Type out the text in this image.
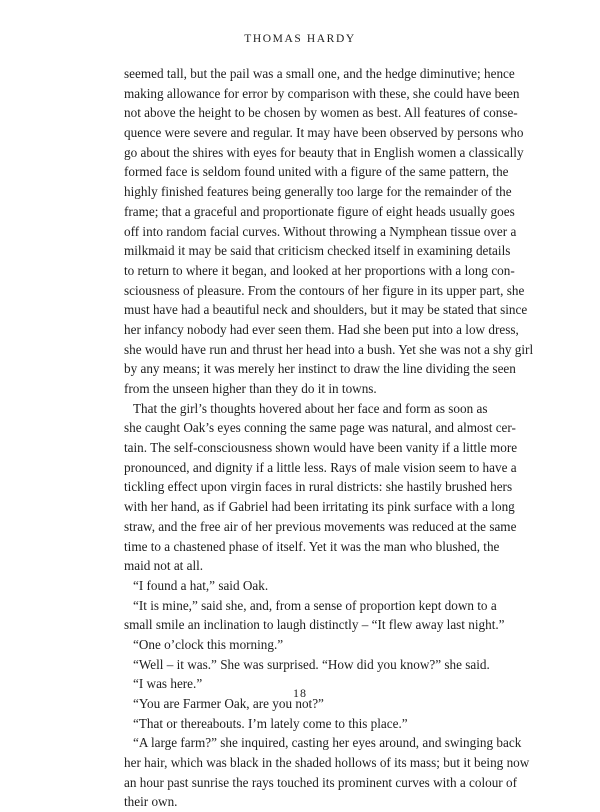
THOMAS HARDY
seemed tall, but the pail was a small one, and the hedge diminutive; hence
making allowance for error by comparison with these, she could have been
not above the height to be chosen by women as best. All features of conse-
quence were severe and regular. It may have been observed by persons who
go about the shires with eyes for beauty that in English women a classically
formed face is seldom found united with a figure of the same pattern, the
highly finished features being generally too large for the remainder of the
frame; that a graceful and proportionate figure of eight heads usually goes
off into random facial curves. Without throwing a Nymphean tissue over a
milkmaid it may be said that criticism checked itself in examining details
to return to where it began, and looked at her proportions with a long con-
sciousness of pleasure. From the contours of her figure in its upper part, she
must have had a beautiful neck and shoulders, but it may be stated that since
her infancy nobody had ever seen them. Had she been put into a low dress,
she would have run and thrust her head into a bush. Yet she was not a shy girl
by any means; it was merely her instinct to draw the line dividing the seen
from the unseen higher than they do it in towns.
That the girl’s thoughts hovered about her face and form as soon as
she caught Oak’s eyes conning the same page was natural, and almost cer-
tain. The self-consciousness shown would have been vanity if a little more
pronounced, and dignity if a little less. Rays of male vision seem to have a
tickling effect upon virgin faces in rural districts: she hastily brushed hers
with her hand, as if Gabriel had been irritating its pink surface with a long
straw, and the free air of her previous movements was reduced at the same
time to a chastened phase of itself. Yet it was the man who blushed, the
maid not at all.
“I found a hat,” said Oak.
“It is mine,” said she, and, from a sense of proportion kept down to a
small smile an inclination to laugh distinctly – “It flew away last night.”
“One o’clock this morning.”
“Well – it was.” She was surprised. “How did you know?” she said.
“I was here.”
“You are Farmer Oak, are you not?”
“That or thereabouts. I’m lately come to this place.”
“A large farm?” she inquired, casting her eyes around, and swinging back
her hair, which was black in the shaded hollows of its mass; but it being now
an hour past sunrise the rays touched its prominent curves with a colour of
their own.
18
